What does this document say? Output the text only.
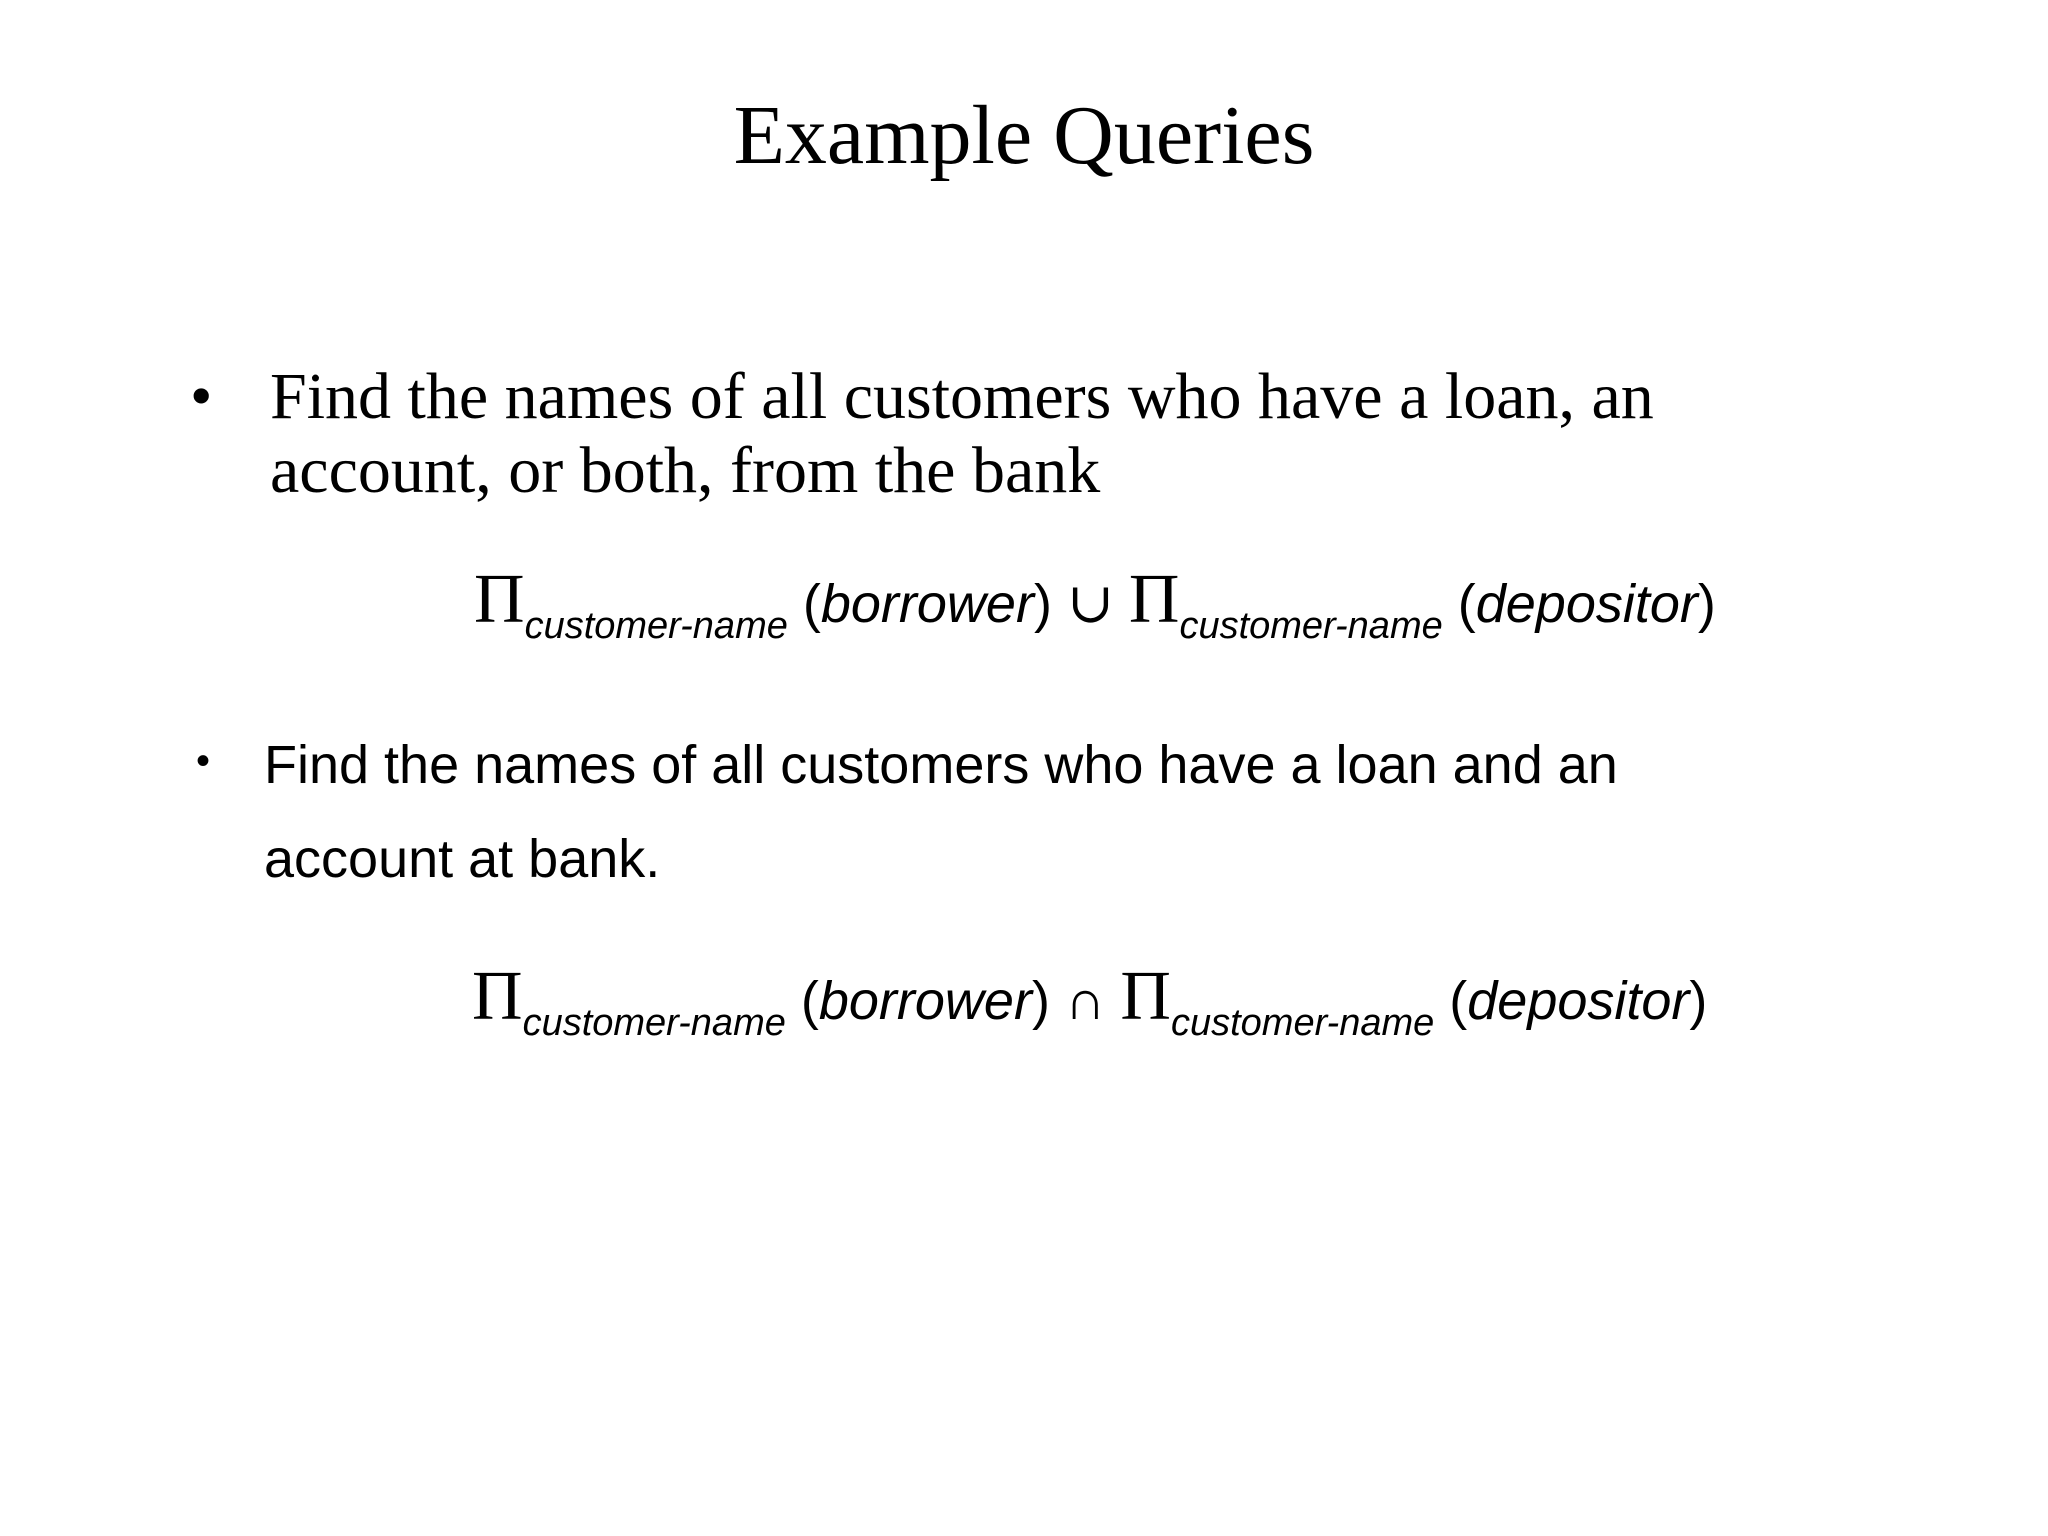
Example Queries
• Find the names of all customers who have a loan, an account, or both, from the bank
$\Pi_{customer-name}$ (borrower) ∪ $\Pi_{customer-name}$ (depositor)
• Find the names of all customers who have a loan and an account at bank.
$\Pi_{customer-name}$ (borrower) ∩ $\Pi_{customer-name}$ (depositor)
